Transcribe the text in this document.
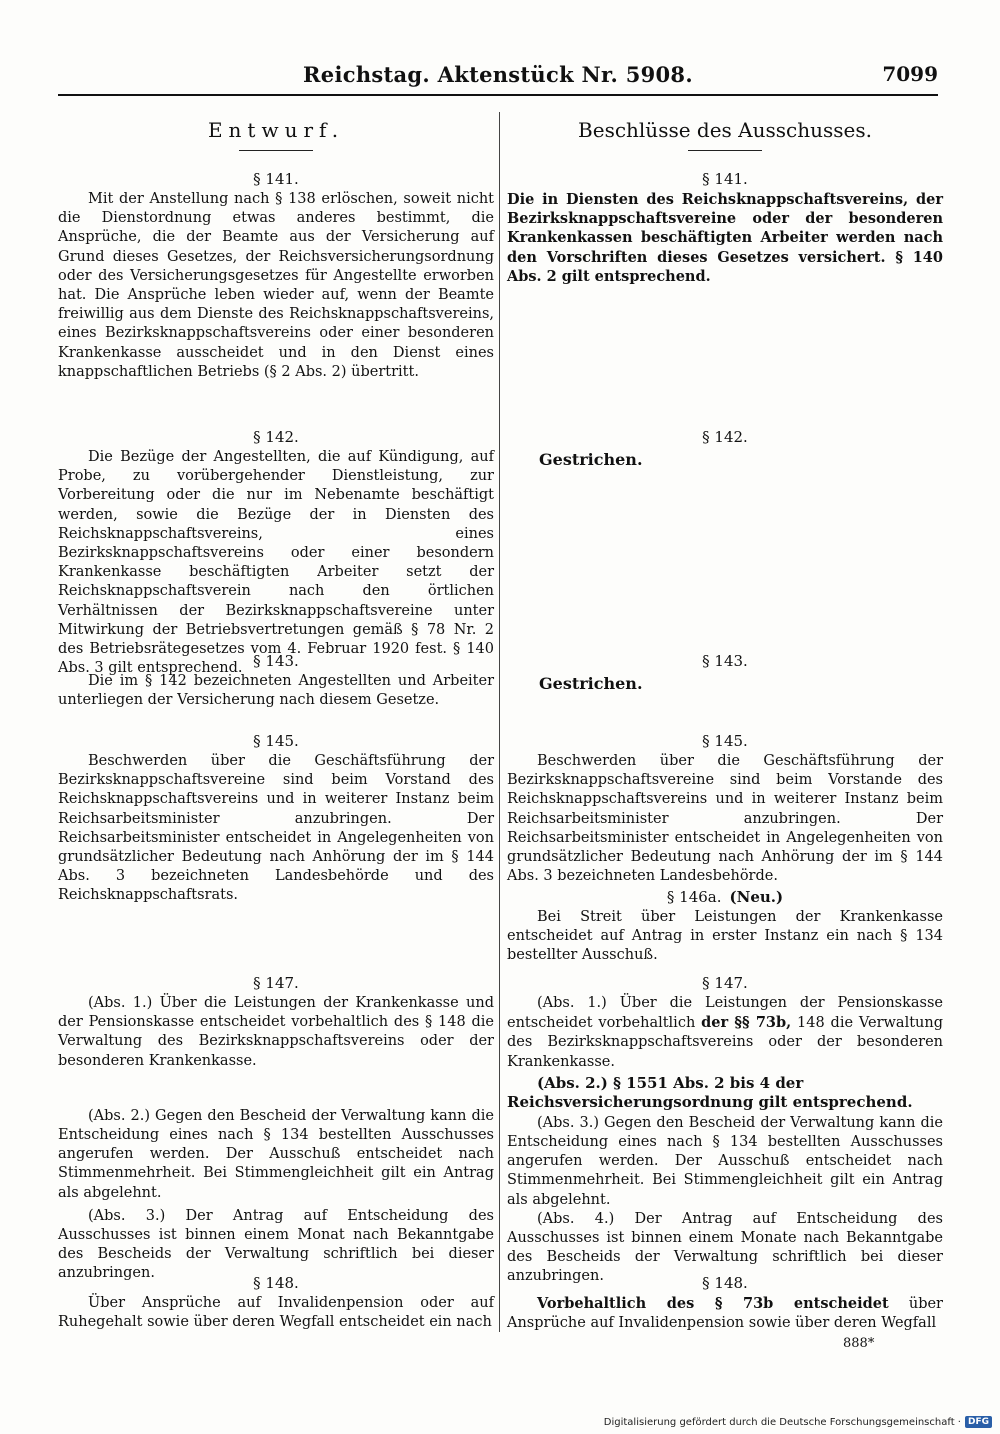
Reichstag. Aktenstück Nr. 5908.	7099
Entwurf.
§ 141.

Mit der Anstellung nach § 138 erlöschen, soweit nicht die Dienstordnung etwas anderes bestimmt, die Ansprüche, die der Beamte aus der Versicherung auf Grund dieses Gesetzes, der Reichsversicherungsordnung oder des Versicherungsgesetzes für Angestellte erworben hat. Die Ansprüche leben wieder auf, wenn der Beamte freiwillig aus dem Dienste des Reichsknappschaftsvereins, eines Bezirksknappschaftsvereins oder einer besonderen Krankenkasse ausscheidet und in den Dienst eines knappschaftlichen Betriebs (§ 2 Abs. 2) übertritt.

§ 142.

Die Bezüge der Angestellten, die auf Kündigung, auf Probe, zu vorübergehender Dienstleistung, zur Vorbereitung oder die nur im Nebenamte beschäftigt werden, sowie die Bezüge der in Diensten des Reichsknappschaftsvereins, eines Bezirksknappschaftsvereins oder einer besondern Krankenkasse beschäftigten Arbeiter setzt der Reichsknappschaftsverein nach den örtlichen Verhältnissen der Bezirksknappschaftsvereine unter Mitwirkung der Betriebsvertretungen gemäß § 78 Nr. 2 des Betriebsrätegesetzes vom 4. Februar 1920 fest. § 140 Abs. 3 gilt entsprechend. § 143.

Die im § 142 bezeichneten Angestellten und Arbeiter unterliegen der Versicherung nach diesem Gesetze.

§ 145.

Beschwerden über die Geschäftsführung der Bezirksknappschaftsvereine sind beim Vorstand des Reichsknappschaftsvereins und in weiterer Instanz beim Reichsarbeitsminister anzubringen. Der Reichsarbeitsminister entscheidet in Angelegenheiten von grundsätzlicher Bedeutung nach Anhörung der im § 144 Abs. 3 bezeichneten Landesbehörde und des Reichsknappschaftsrats.

§ 147.

(Abs. 1.) Über die Leistungen der Krankenkasse und der Pensionskasse entscheidet vorbehaltlich des § 148 die Verwaltung des Bezirksknappschaftsvereins oder der besonderen Krankenkasse.

(Abs. 2.) Gegen den Bescheid der Verwaltung kann die Entscheidung eines nach § 134 bestellten Ausschusses angerufen werden. Der Ausschuß entscheidet nach Stimmenmehrheit. Bei Stimmengleichheit gilt ein Antrag als abgelehnt.

(Abs. 3.) Der Antrag auf Entscheidung des Ausschusses ist binnen einem Monat nach Bekanntgabe des Bescheids der Verwaltung schriftlich bei dieser anzubringen.

§ 148.

Über Ansprüche auf Invalidenpension oder auf Ruhegehalt sowie über deren Wegfall entscheidet ein nach

Beschlüsse des Ausschusses.
§ 141.

Die in Diensten des Reichsknappschaftsvereins, der Bezirksknappschaftsvereine oder der besonderen Krankenkassen beschäftigten Arbeiter werden nach den Vorschriften dieses Gesetzes versichert. § 140 Abs. 2 gilt entsprechend.

§ 142.
Gestrichen.
§ 143.
Gestrichen.
§ 145.

Beschwerden über die Geschäftsführung der Bezirksknappschaftsvereine sind beim Vorstande des Reichsknappschaftsvereins und in weiterer Instanz beim Reichsarbeitsminister anzubringen. Der Reichsarbeitsminister entscheidet in Angelegenheiten von grundsätzlicher Bedeutung nach Anhörung der im § 144 Abs. 3 bezeichneten Landesbehörde.

§ 146a. (Neu.)

Bei Streit über Leistungen der Krankenkasse entscheidet auf Antrag in erster Instanz ein nach § 134 bestellter Ausschuß.

§ 147.

(Abs. 1.) Über die Leistungen der Pensionskasse entscheidet vorbehaltlich der §§ 73b, 148 die Verwaltung des Bezirksknappschaftsvereins oder der besonderen Krankenkasse.

(Abs. 2.) § 1551 Abs. 2 bis 4 der Reichsversicherungsordnung gilt entsprechend.

(Abs. 3.) Gegen den Bescheid der Verwaltung kann die Entscheidung eines nach § 134 bestellten Ausschusses angerufen werden. Der Ausschuß entscheidet nach Stimmenmehrheit. Bei Stimmengleichheit gilt ein Antrag als abgelehnt.

(Abs. 4.) Der Antrag auf Entscheidung des Ausschusses ist binnen einem Monate nach Bekanntgabe des Bescheids der Verwaltung schriftlich bei dieser anzubringen.	§ 148.

Vorbehaltlich des § 73b entscheidet über Ansprüche auf Invalidenpension sowie über deren Wegfall

888*
Digitalisierung gefördert durch die Deutsche Forschungsgemeinschaft · DFG
